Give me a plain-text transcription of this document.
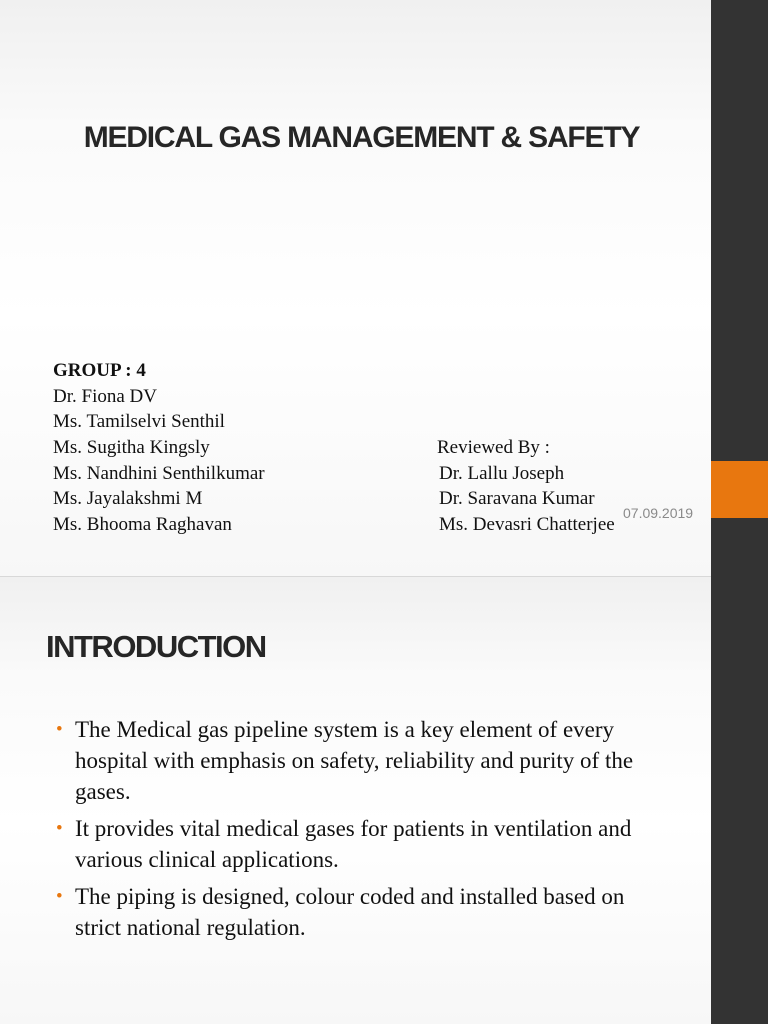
MEDICAL GAS MANAGEMENT & SAFETY
GROUP : 4
Dr. Fiona DV
Ms. Tamilselvi Senthil
Ms. Sugitha Kingsly
Ms. Nandhini Senthilkumar
Ms. Jayalakshmi M
Ms. Bhooma Raghavan
Reviewed By :
Dr. Lallu Joseph
Dr. Saravana Kumar
Ms. Devasri Chatterjee
INTRODUCTION
• The Medical gas pipeline system is a key element of every hospital with emphasis on safety, reliability and purity of the gases.
• It provides vital medical gases for patients in ventilation and various clinical applications.
• The piping is designed, colour coded and installed based on strict national regulation.
07.09.2019
